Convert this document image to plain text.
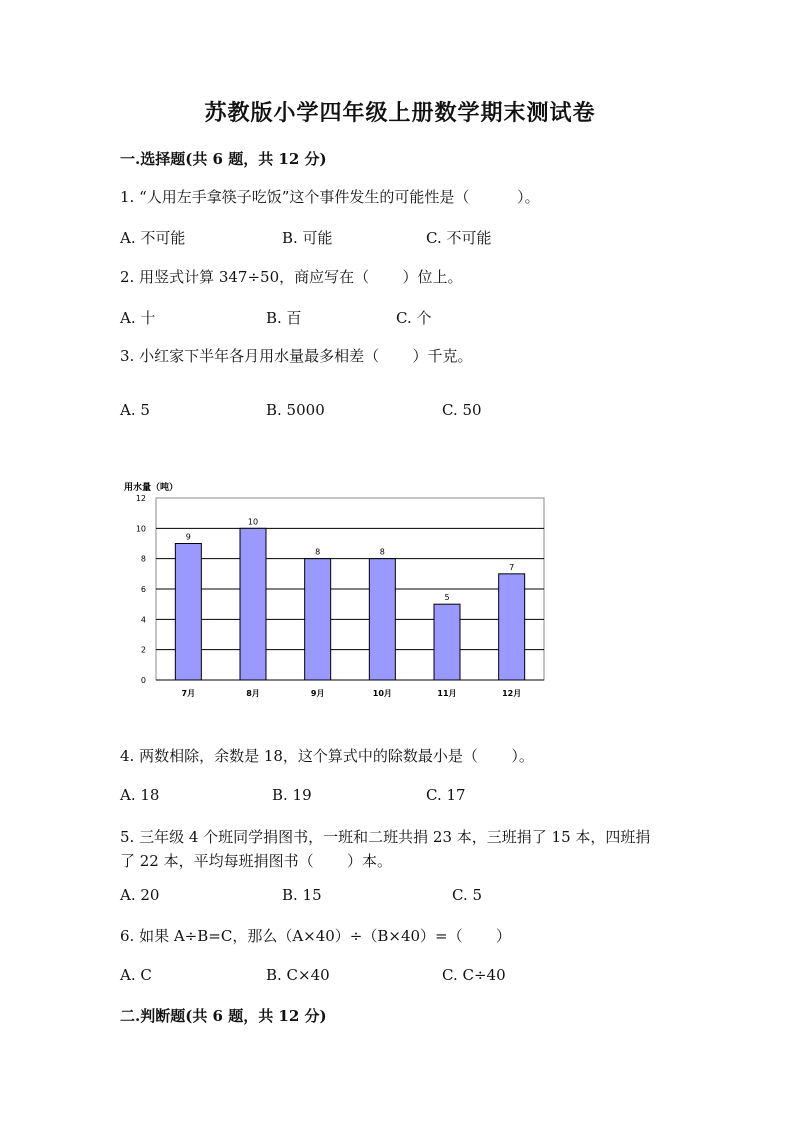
苏教版小学四年级上册数学期末测试卷
一.选择题(共 6 题，共 12 分)
1. “人用左手拿筷子吃饭”这个事件发生的可能性是（          ）。
A. 不可能	B. 可能	C. 不可能
2. 用竖式计算 347÷50，商应写在（       ）位上。
A. 十	B. 百	C. 个
3. 小红家下半年各月用水量最多相差（       ）千克。
A. 5	B. 5000	C. 50
用水量（吨）
0
2
4
6
8
10
12
9
7月
10
8月
8
9月
8
10月
5
11月
7
12月
4. 两数相除，余数是 18，这个算式中的除数最小是（       ）。
A. 18	B. 19	C. 17
5. 三年级 4 个班同学捐图书，一班和二班共捐 23 本，三班捐了 15 本，四班捐
了 22 本，平均每班捐图书（       ）本。
A. 20	B. 15	C. 5
6. 如果 A÷B=C，那么（A×40）÷（B×40）=（       ）
A. C	B. C×40	C. C÷40
二.判断题(共 6 题，共 12 分)
